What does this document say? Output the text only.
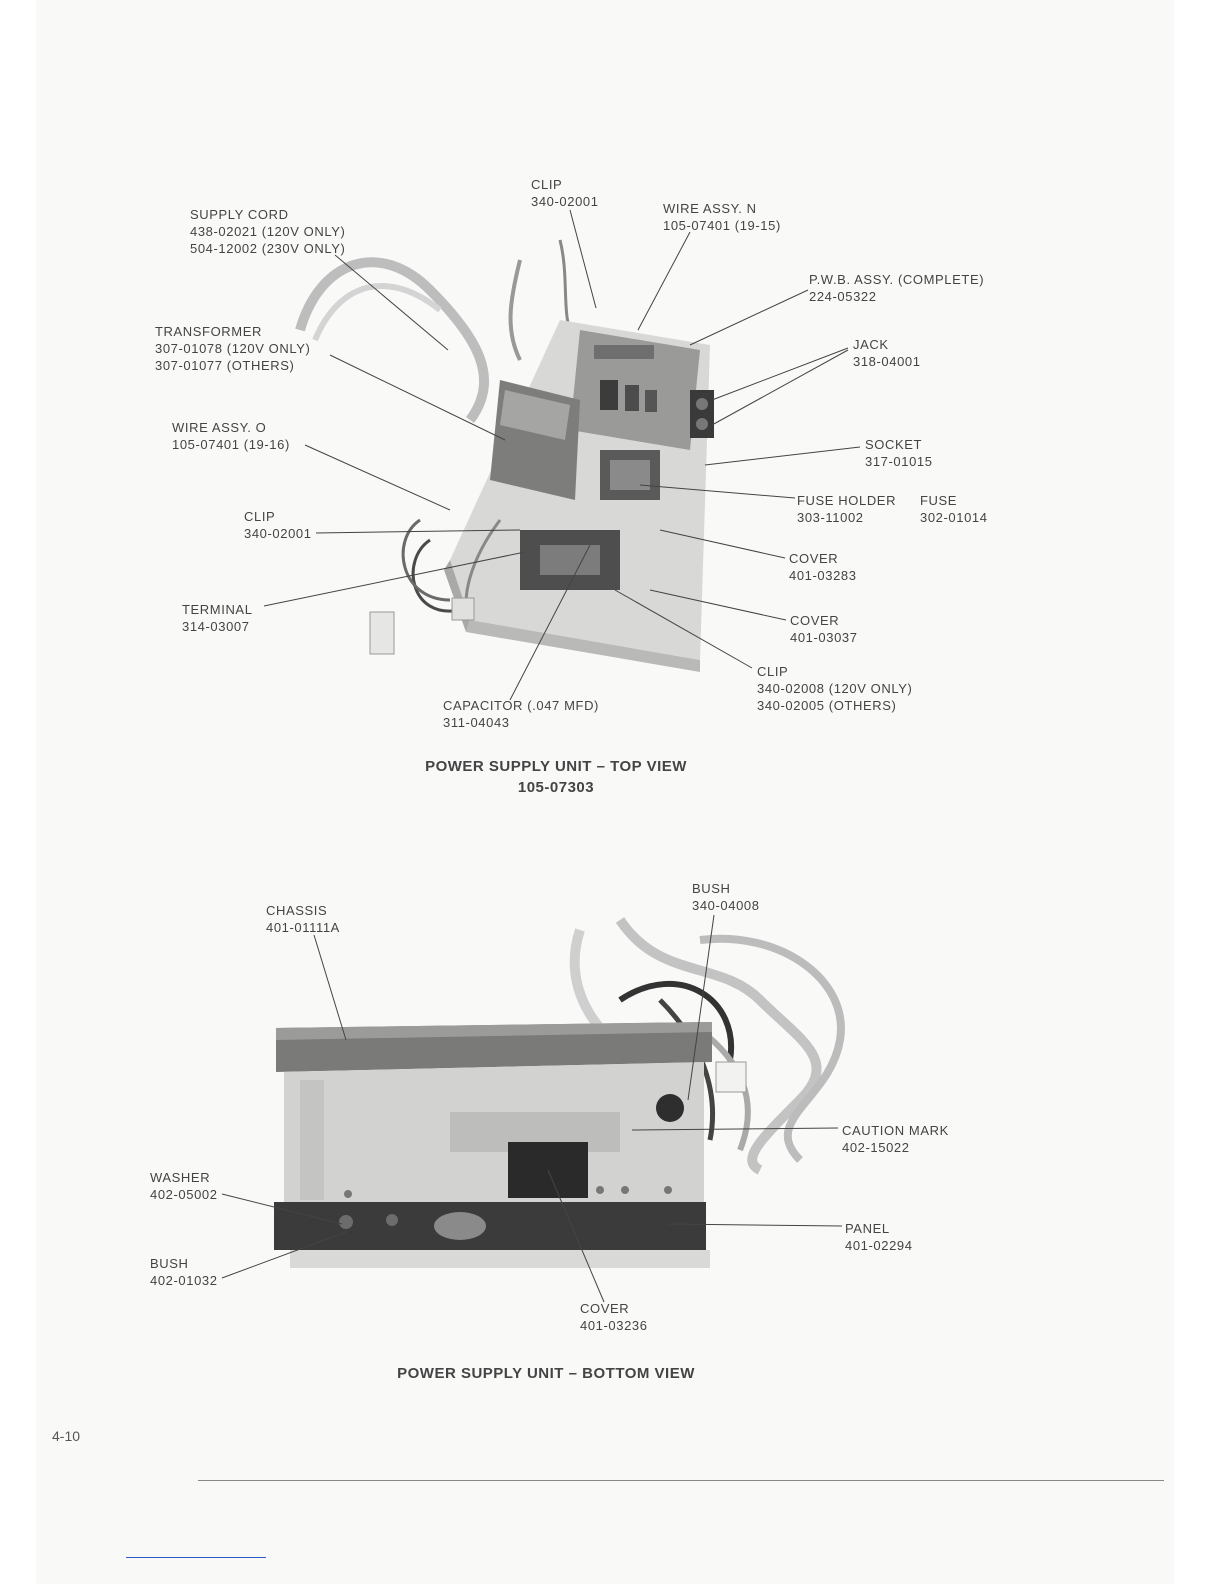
CLIP
340-02001	WIRE ASSY. N
105-07401 (19-15)
SUPPLY CORD
438-02021 (120V ONLY)
504-12002 (230V ONLY)
P.W.B. ASSY. (COMPLETE)
224-05322
TRANSFORMER
307-01078 (120V ONLY)
307-01077 (OTHERS)
JACK
318-04001
WIRE ASSY. O
105-07401 (19-16)	SOCKET
317-01015
FUSE HOLDER
303-11002
FUSE
302-01014
CLIP
340-02001
COVER
401-03283
TERMINAL
314-03007	COVER
401-03037
CLIP
340-02008 (120V ONLY)
340-02005 (OTHERS)
CAPACITOR (.047 MFD)
311-04043
POWER SUPPLY UNIT – TOP VIEW
105-07303
BUSH
340-04008
CHASSIS
401-01111A
CAUTION MARK
402-15022
WASHER
402-05002
PANEL
401-02294
BUSH
402-01032
COVER
401-03236
POWER SUPPLY UNIT – BOTTOM VIEW
4-10
